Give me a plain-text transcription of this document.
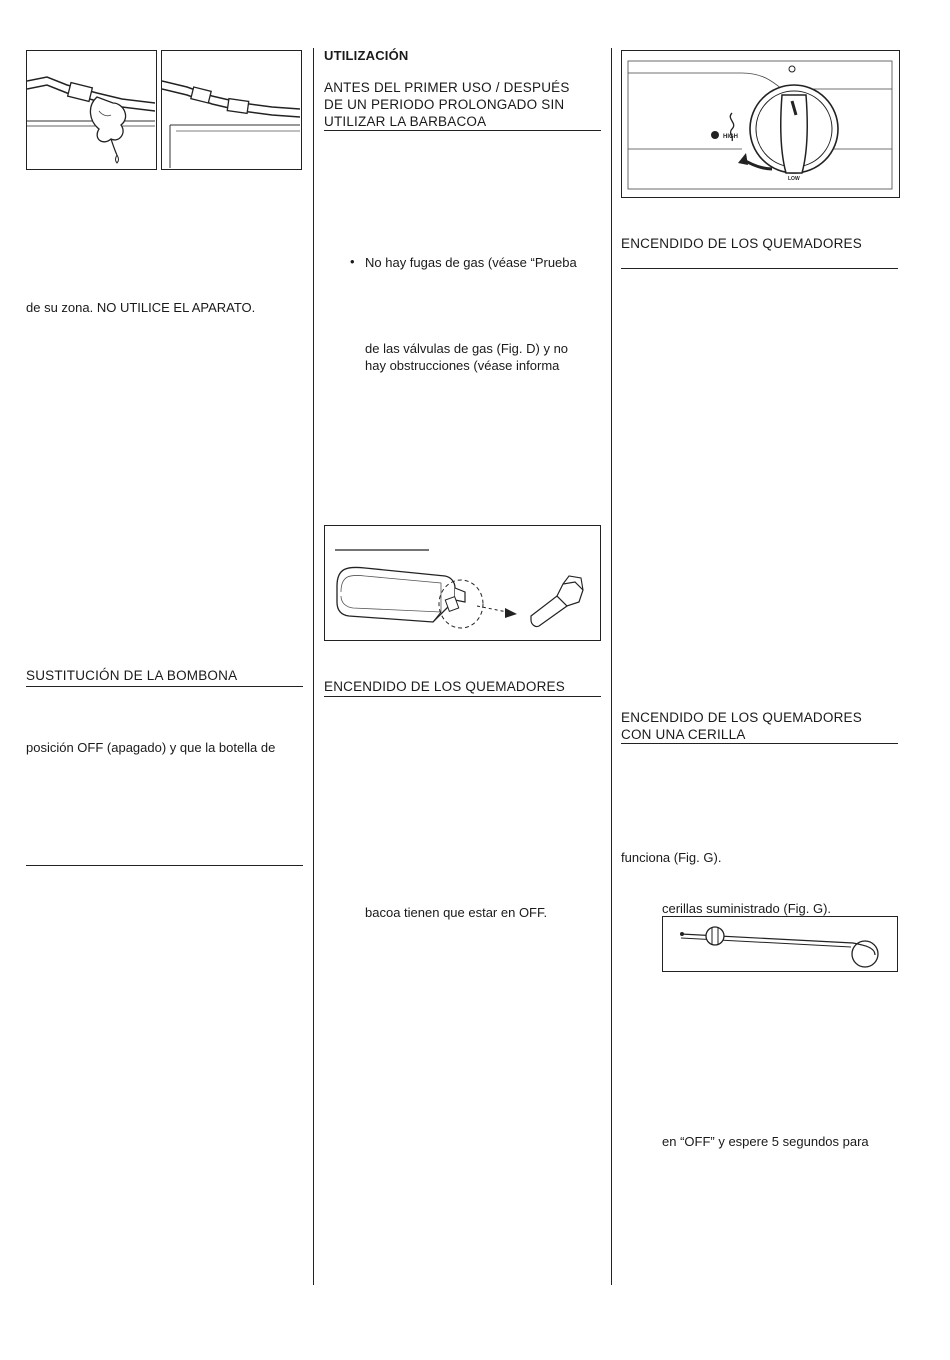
de su zona. NO UTILICE EL APARATO.
SUSTITUCIÓN DE LA BOMBONA
posición OFF (apagado) y que la botella de
UTILIZACIÓN
ANTES DEL PRIMER USO / DESPUÉS
DE UN PERIODO PROLONGADO SIN
UTILIZAR LA BARBACOA
• No hay fugas de gas (véase “Prueba
de las válvulas de gas (Fig. D) y no
hay obstrucciones (véase informa
ENCENDIDO DE LOS QUEMADORES
bacoa tienen que estar en OFF.
HIGH
LOW
ENCENDIDO DE LOS QUEMADORES
ENCENDIDO DE LOS QUEMADORES
CON UNA CERILLA
funciona (Fig. G).
cerillas suministrado (Fig. G).
en “OFF” y espere 5 segundos para
